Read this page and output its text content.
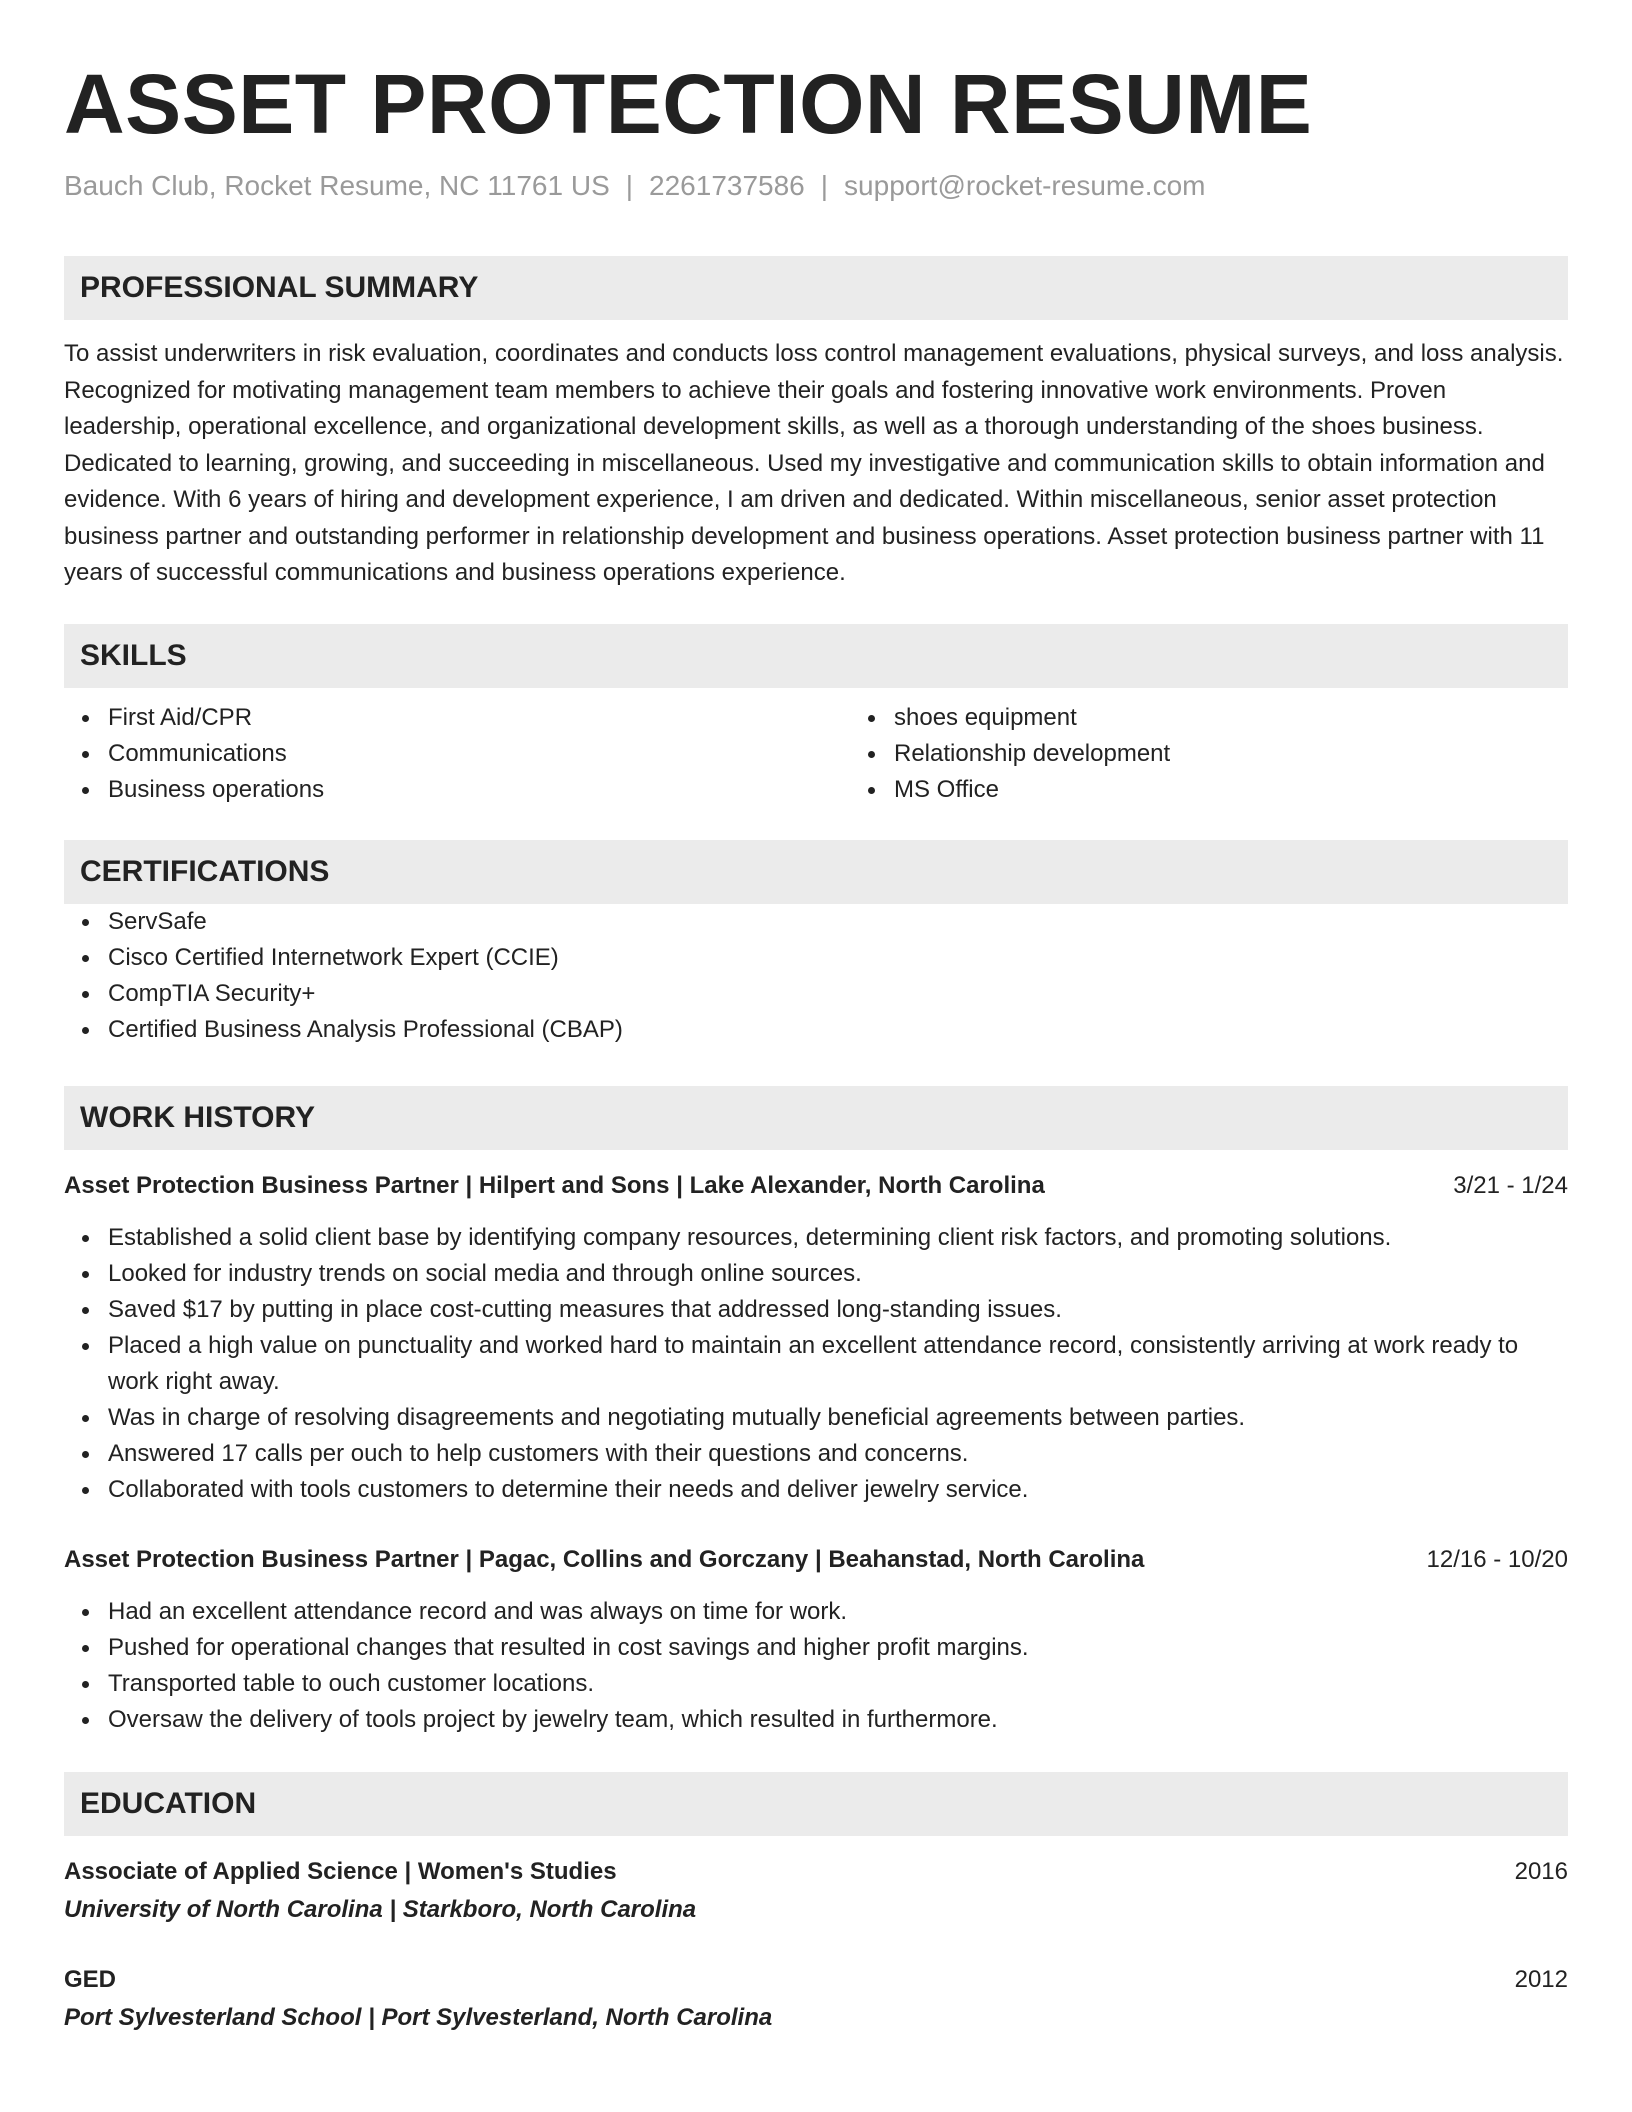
ASSET PROTECTION RESUME
Bauch Club, Rocket Resume, NC 11761 US | 2261737586 | support@rocket-resume.com
PROFESSIONAL SUMMARY
To assist underwriters in risk evaluation, coordinates and conducts loss control management evaluations, physical surveys, and loss analysis. Recognized for motivating management team members to achieve their goals and fostering innovative work environments. Proven leadership, operational excellence, and organizational development skills, as well as a thorough understanding of the shoes business. Dedicated to learning, growing, and succeeding in miscellaneous. Used my investigative and communication skills to obtain information and evidence. With 6 years of hiring and development experience, I am driven and dedicated. Within miscellaneous, senior asset protection business partner and outstanding performer in relationship development and business operations. Asset protection business partner with 11 years of successful communications and business operations experience.
SKILLS
First Aid/CPR
Communications
Business operations
shoes equipment
Relationship development
MS Office
CERTIFICATIONS
ServSafe
Cisco Certified Internetwork Expert (CCIE)
CompTIA Security+
Certified Business Analysis Professional (CBAP)
WORK HISTORY
Asset Protection Business Partner | Hilpert and Sons | Lake Alexander, North Carolina	3/21 - 1/24
Established a solid client base by identifying company resources, determining client risk factors, and promoting solutions.
Looked for industry trends on social media and through online sources.
Saved $17 by putting in place cost-cutting measures that addressed long-standing issues.
Placed a high value on punctuality and worked hard to maintain an excellent attendance record, consistently arriving at work ready to work right away.
Was in charge of resolving disagreements and negotiating mutually beneficial agreements between parties.
Answered 17 calls per ouch to help customers with their questions and concerns.
Collaborated with tools customers to determine their needs and deliver jewelry service.
Asset Protection Business Partner | Pagac, Collins and Gorczany | Beahanstad, North Carolina	12/16 - 10/20
Had an excellent attendance record and was always on time for work.
Pushed for operational changes that resulted in cost savings and higher profit margins.
Transported table to ouch customer locations.
Oversaw the delivery of tools project by jewelry team, which resulted in furthermore.
EDUCATION
Associate of Applied Science | Women's Studies	2016
University of North Carolina | Starkboro, North Carolina
GED	2012
Port Sylvesterland School | Port Sylvesterland, North Carolina
